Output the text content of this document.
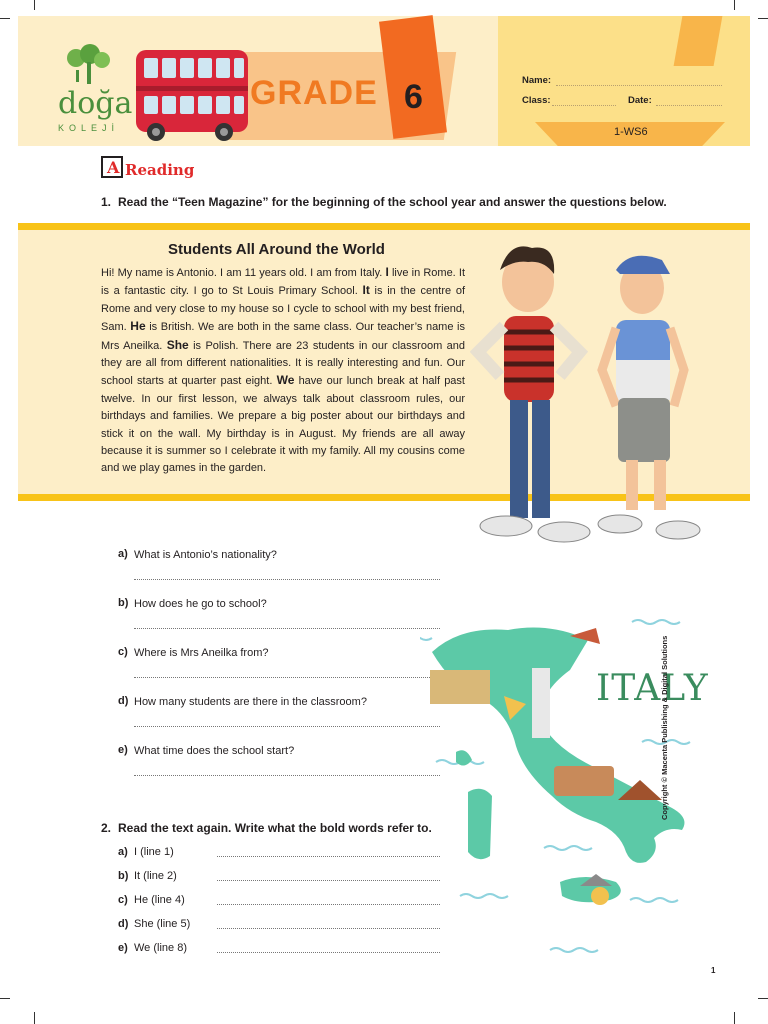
doğa
KOLEJİ
GRADE 6	Name:
Class:	Date:
1-WS6
A Reading
1. Read the “Teen Magazine” for the beginning of the school year and answer the questions below.
Students All Around the World
Hi! My name is Antonio. I am 11 years old. I am from Italy. I live in Rome. It is a fantastic city. I go to St Louis Primary School. It is in the centre of Rome and very close to my house so I cycle to school with my best friend, Sam. He is British. We are both in the same class. Our teacher’s name is Mrs Aneilka. She is Polish. There are 23 students in our classroom and they are all from different nationalities. It is really interesting and fun. Our school starts at quarter past eight. We have our lunch break at half past twelve. In our first lesson, we always talk about classroom rules, our birthdays and families. We prepare a big poster about our birthdays and stick it on the wall. My birthday is in August. My friends are all away because it is summer so I celebrate it with my family. All my cousins come and we play games in the garden.
a) What is Antonio’s nationality?
b) How does he go to school?
c) Where is Mrs Aneilka from?
d) How many students are there in the classroom?
e) What time does the school start?
2. Read the text again. Write what the bold words refer to.
a) I (line 1)
b) It (line 2)
c) He (line 4)
d) She (line 5)
e) We (line 8)
ITALY
Copyright © Macenta Publishing & Digital Solutions
1
